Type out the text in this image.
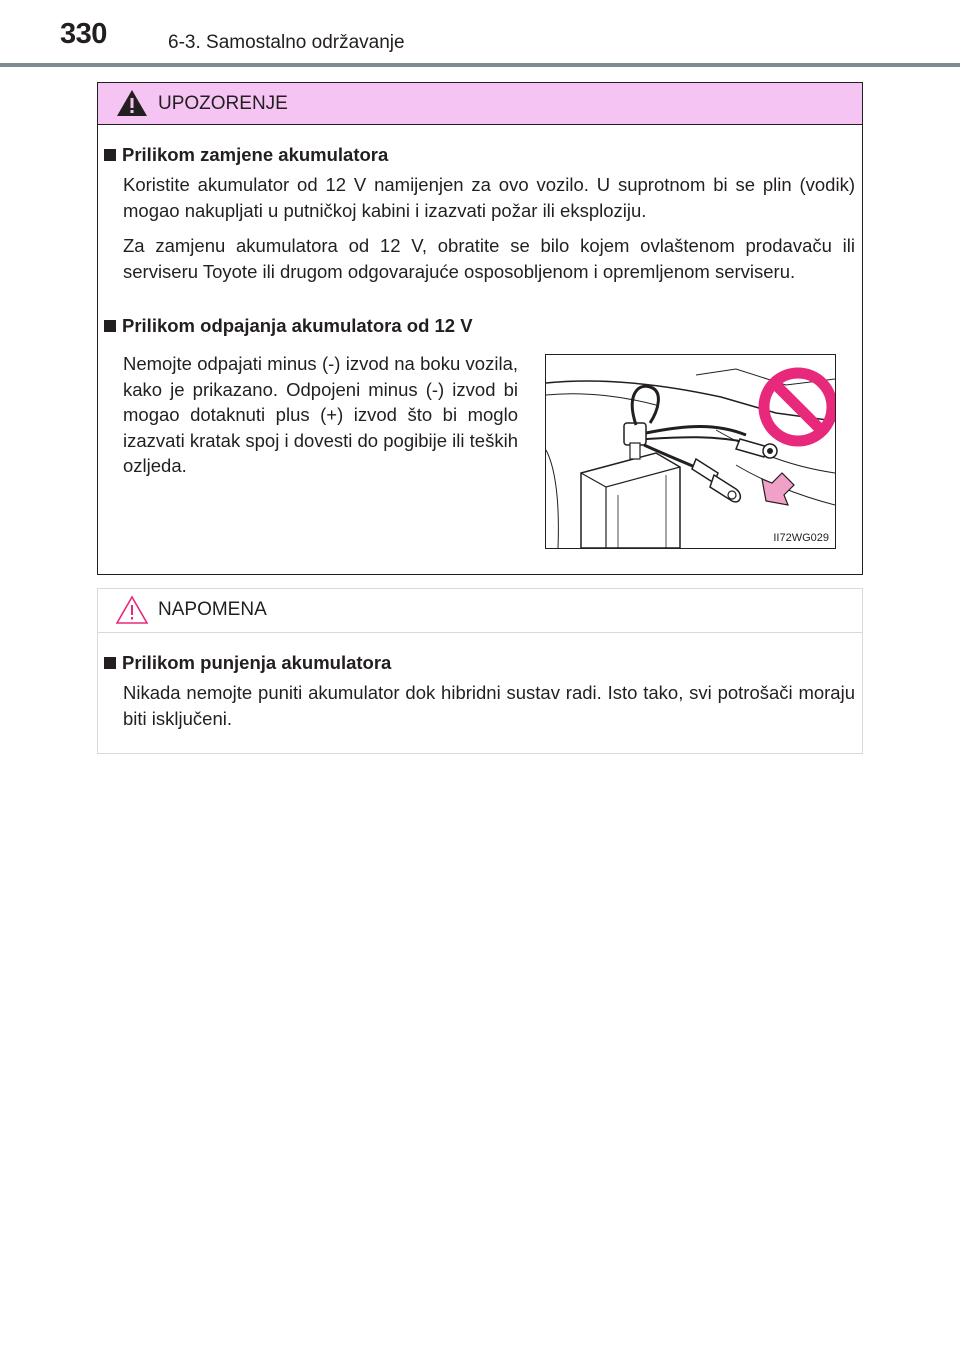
330	6-3. Samostalno održavanje
UPOZORENJE
Prilikom zamjene akumulatora
Koristite akumulator od 12 V namijenjen za ovo vozilo. U suprotnom bi se plin (vodik) mogao nakupljati u putničkoj kabini i izazvati požar ili eksploziju.
Za zamjenu akumulatora od 12 V, obratite se bilo kojem ovlaštenom prodavaču ili serviseru Toyote ili drugom odgovarajuće osposobljenom i opremljenom serviseru.
Prilikom odpajanja akumulatora od 12 V
Nemojte odpajati minus (-) izvod na boku vozila, kako je prikazano. Odpojeni minus (-) izvod bi mogao dotaknuti plus (+) izvod što bi moglo izazvati kratak spoj i dovesti do pogibije ili teških ozljeda.
II72WG029
NAPOMENA
Prilikom punjenja akumulatora
Nikada nemojte puniti akumulator dok hibridni sustav radi. Isto tako, svi potrošači moraju biti isključeni.
